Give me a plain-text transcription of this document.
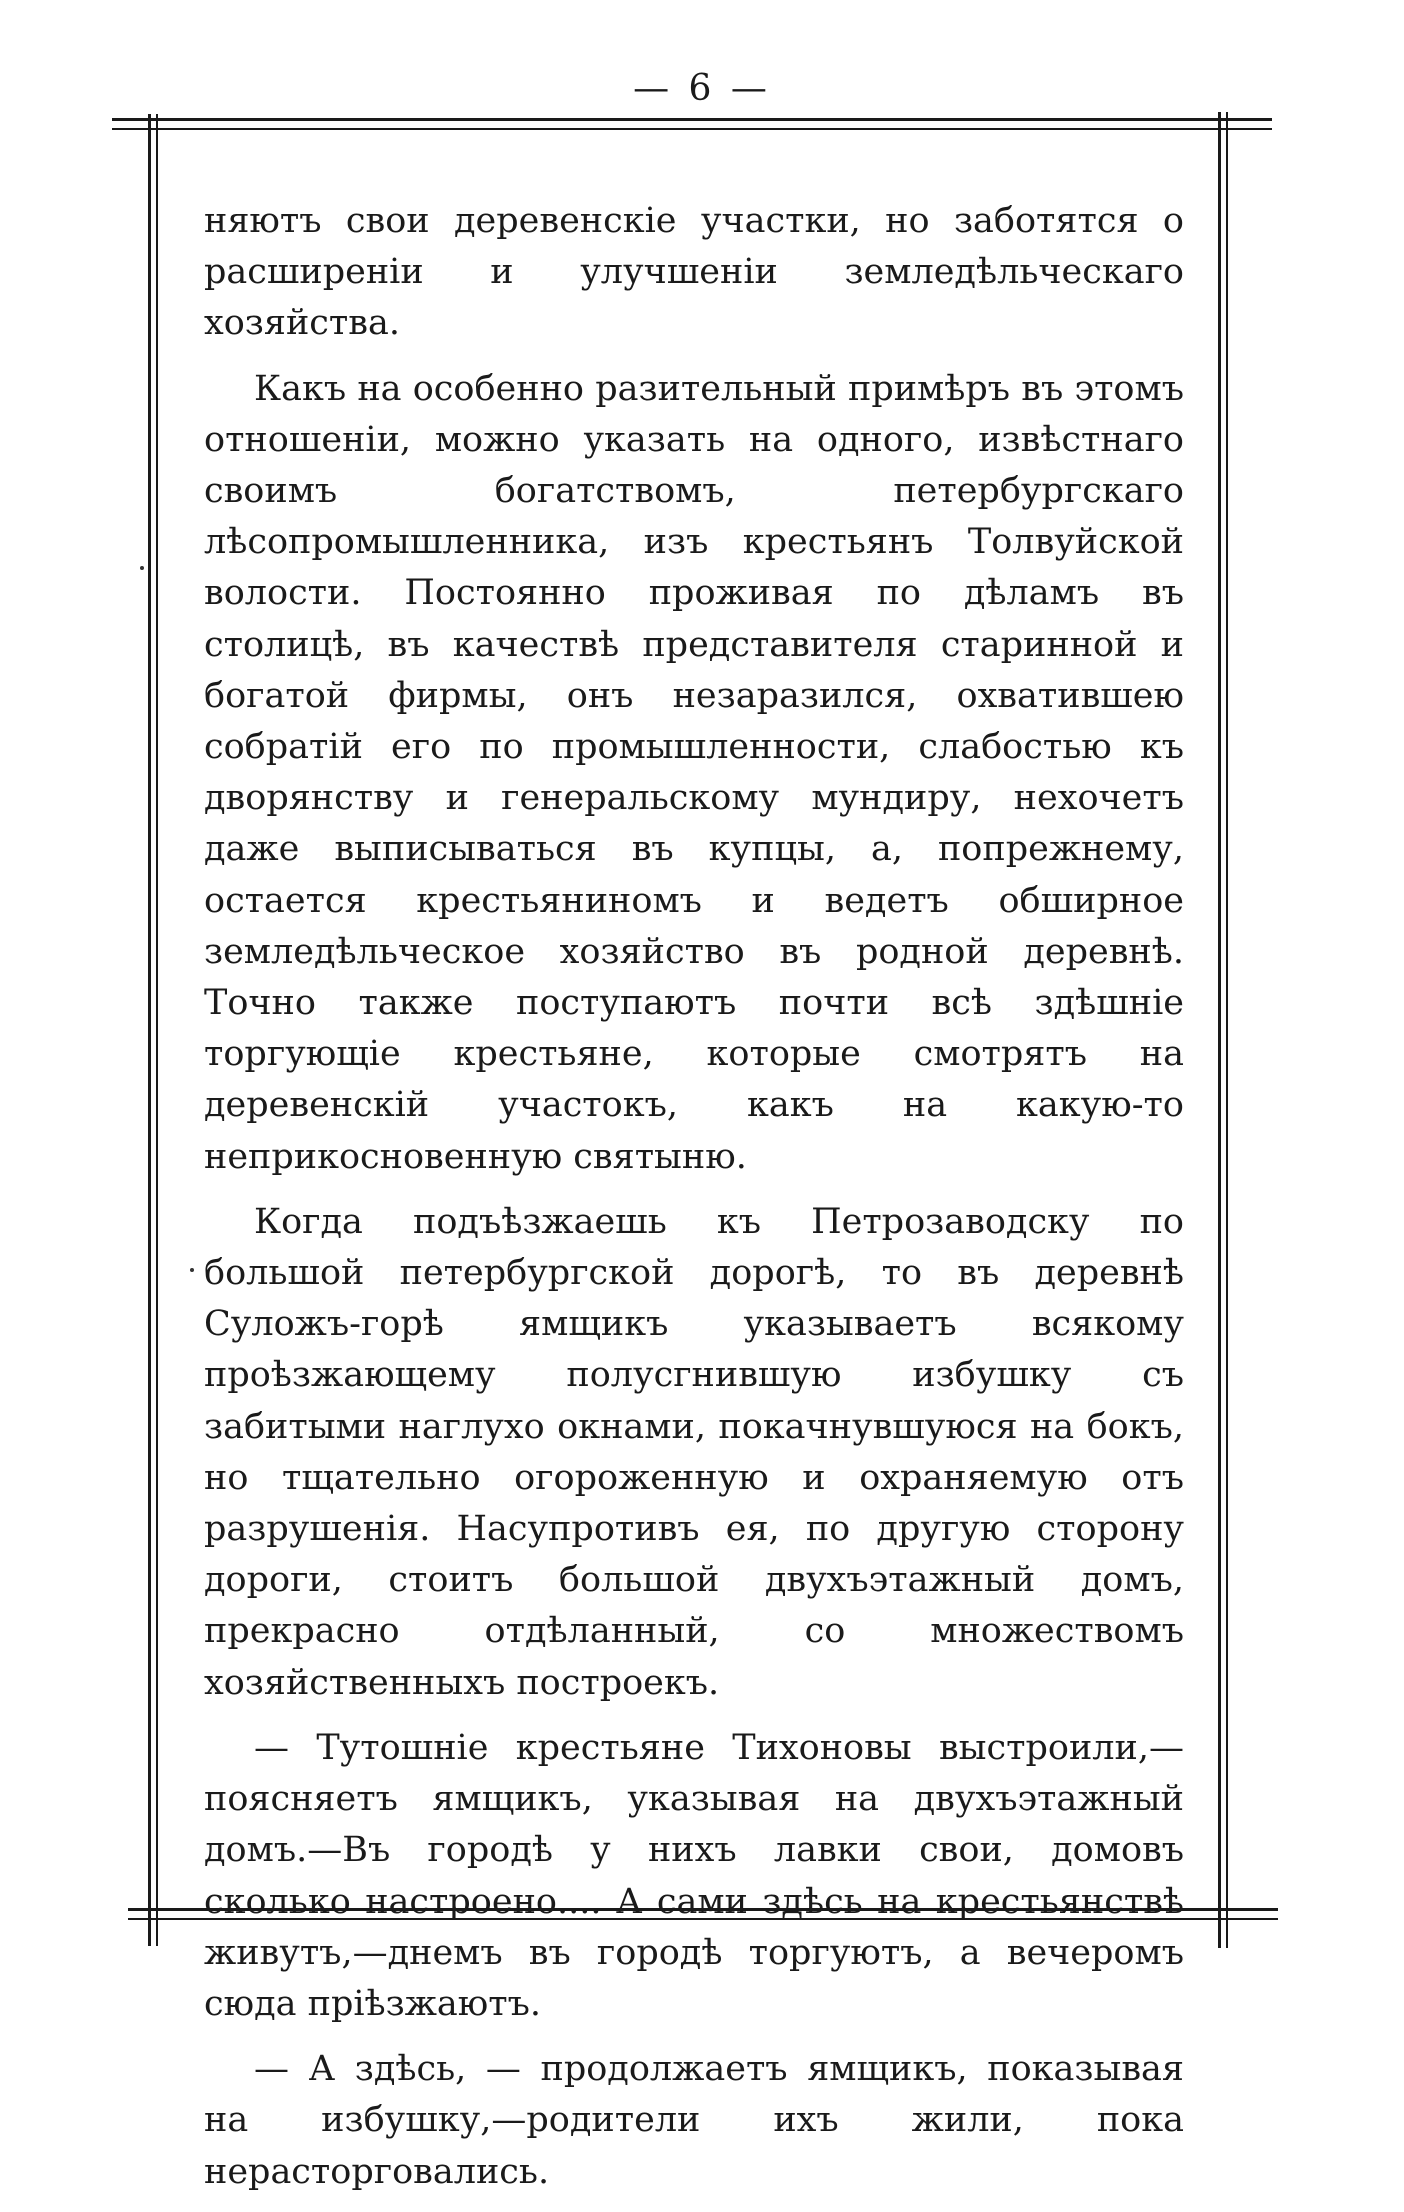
— 6 —

няютъ свои деревенскіе участки, но заботятся о расширеніи и улучшеніи земледѣльческаго хозяйства.

Какъ на особенно разительный примѣръ въ этомъ отношеніи, можно указать на одного, извѣстнаго своимъ богатствомъ, петербургскаго лѣсопромышленника, изъ крестьянъ Толвуйской волости. Постоянно проживая по дѣламъ въ столицѣ, въ качествѣ представителя старинной и богатой фирмы, онъ незаразился, охватившею собратій его по промышленности, слабостью къ дворянству и генеральскому мундиру, нехочетъ даже выписываться въ купцы, а, попрежнему, остается крестьяниномъ и ведетъ обширное земледѣльческое хозяйство въ родной деревнѣ. Точно также поступаютъ почти всѣ здѣшніе торгующіе крестьяне, которые смотрятъ на деревенскій участокъ, какъ на какую-то неприкосновенную святыню.

Когда подъѣзжаешь къ Петрозаводску по большой петербургской дорогѣ, то въ деревнѣ Суложъ-горѣ ямщикъ указываетъ всякому проѣзжающему полусгнившую избушку съ забитыми наглухо окнами, покачнувшуюся на бокъ, но тщательно огороженную и охраняемую отъ разрушенія. Насупротивъ ея, по другую сторону дороги, стоитъ большой двухъэтажный домъ, прекрасно отдѣланный, со множествомъ хозяйственныхъ построекъ.

— Тутошніе крестьяне Тихоновы выстроили,—поясняетъ ямщикъ, указывая на двухъэтажный домъ.—Въ городѣ у нихъ лавки свои, домовъ сколько настроено.... А сами здѣсь на крестьянствѣ живутъ,—днемъ въ городѣ торгуютъ, а вечеромъ сюда пріѣзжаютъ.

— А здѣсь, — продолжаетъ ямщикъ, показывая на избушку,—родители ихъ жили, пока нерасторговались.
